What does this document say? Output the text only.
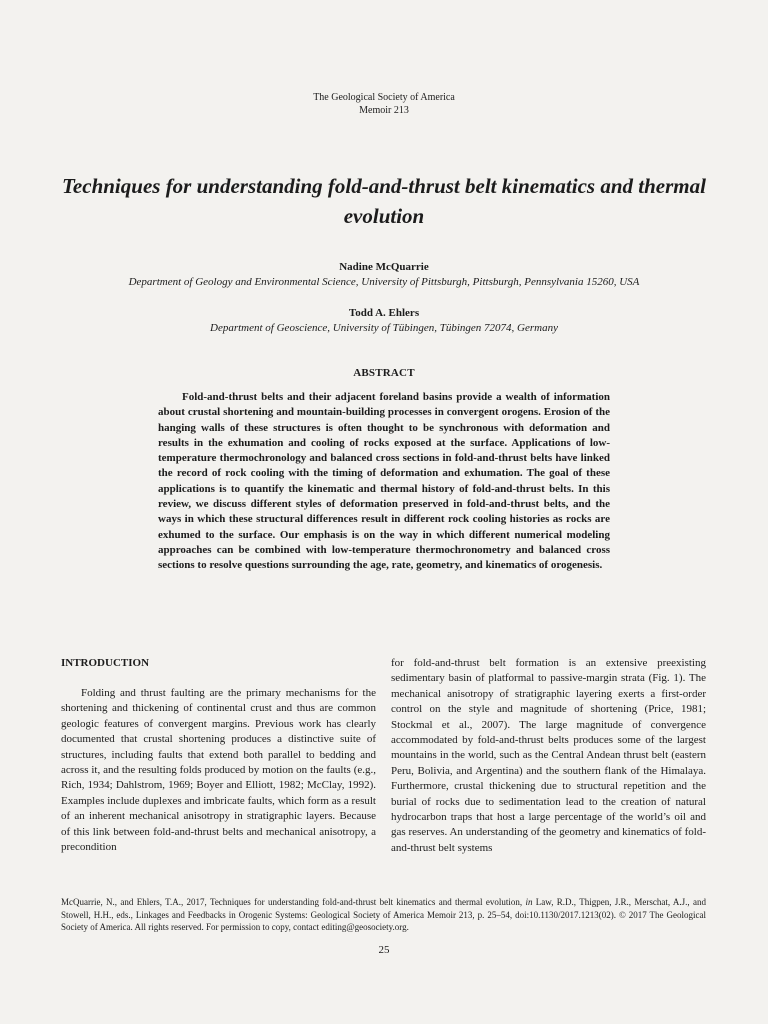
The Geological Society of America
Memoir 213
Techniques for understanding fold-and-thrust belt kinematics and thermal evolution
Nadine McQuarrie
Department of Geology and Environmental Science, University of Pittsburgh, Pittsburgh, Pennsylvania 15260, USA
Todd A. Ehlers
Department of Geoscience, University of Tübingen, Tübingen 72074, Germany
ABSTRACT

Fold-and-thrust belts and their adjacent foreland basins provide a wealth of information about crustal shortening and mountain-building processes in convergent orogens. Erosion of the hanging walls of these structures is often thought to be synchronous with deformation and results in the exhumation and cooling of rocks exposed at the surface. Applications of low-temperature thermochronology and balanced cross sections in fold-and-thrust belts have linked the record of rock cooling with the timing of deformation and exhumation. The goal of these applications is to quantify the kinematic and thermal history of fold-and-thrust belts. In this review, we discuss different styles of deformation preserved in fold-and-thrust belts, and the ways in which these structural differences result in different rock cooling histories as rocks are exhumed to the surface. Our emphasis is on the way in which different numerical modeling approaches can be combined with low-temperature thermochronometry and balanced cross sections to resolve questions surrounding the age, rate, geometry, and kinematics of orogenesis.

INTRODUCTION

Folding and thrust faulting are the primary mechanisms for the shortening and thickening of continental crust and thus are common geologic features of convergent margins. Previous work has clearly documented that crustal shortening produces a distinctive suite of structures, including faults that extend both parallel to bedding and across it, and the resulting folds produced by motion on the faults (e.g., Rich, 1934; Dahlstrom, 1969; Boyer and Elliott, 1982; McClay, 1992). Examples include duplexes and imbricate faults, which form as a result of an inherent mechanical anisotropy in stratigraphic layers. Because of this link between fold-and-thrust belts and mechanical anisotropy, a precondition

for fold-and-thrust belt formation is an extensive preexisting sedimentary basin of platformal to passive-margin strata (Fig. 1). The mechanical anisotropy of stratigraphic layering exerts a first-order control on the style and magnitude of shortening (Price, 1981; Stockmal et al., 2007). The large magnitude of convergence accommodated by fold-and-thrust belts produces some of the largest mountains in the world, such as the Central Andean thrust belt (eastern Peru, Bolivia, and Argentina) and the southern flank of the Himalaya. Furthermore, crustal thickening due to structural repetition and the burial of rocks due to sedimentation lead to the creation of natural hydrocarbon traps that host a large percentage of the world’s oil and gas reserves. An understanding of the geometry and kinematics of fold-and-thrust belt systems

McQuarrie, N., and Ehlers, T.A., 2017, Techniques for understanding fold-and-thrust belt kinematics and thermal evolution, in Law, R.D., Thigpen, J.R., Merschat, A.J., and Stowell, H.H., eds., Linkages and Feedbacks in Orogenic Systems: Geological Society of America Memoir 213, p. 25–54, doi:10.1130/2017.1213(02). © 2017 The Geological Society of America. All rights reserved. For permission to copy, contact editing@geosociety.org.
25
